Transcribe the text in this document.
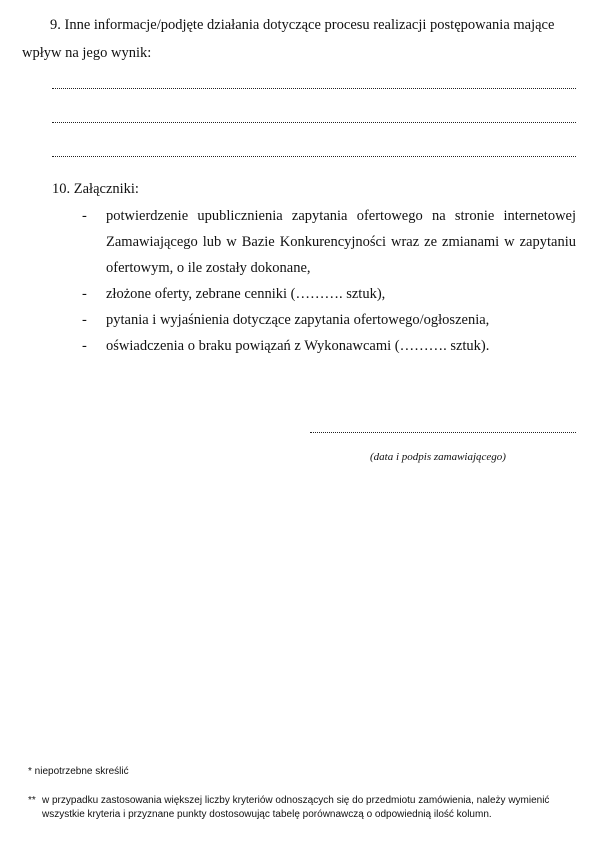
9. Inne informacje/podjęte działania dotyczące procesu realizacji postępowania mające
wpływ na jego wynik:
10. Załączniki:
-	potwierdzenie upublicznienia zapytania ofertowego na stronie internetowej Zamawiającego lub w Bazie Konkurencyjności wraz ze zmianami w zapytaniu ofertowym, o ile zostały dokonane,
-	złożone oferty, zebrane cenniki (………. sztuk),
-	pytania i wyjaśnienia dotyczące zapytania ofertowego/ogłoszenia,
-	oświadczenia o braku powiązań z Wykonawcami (………. sztuk).
(data i podpis zamawiającego)
* niepotrzebne skreślić
** w przypadku zastosowania większej liczby kryteriów odnoszących się do przedmiotu zamówienia, należy wymienić wszystkie kryteria i przyznane punkty dostosowując tabelę porównawczą o odpowiednią ilość kolumn.
